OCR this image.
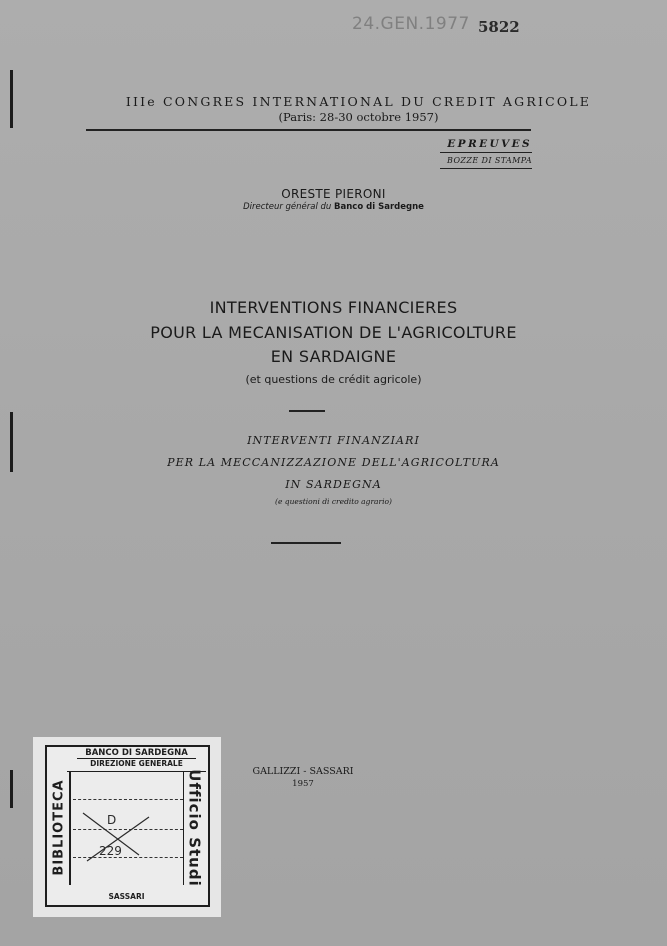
24.GEN.1977 5822
IIIe CONGRES INTERNATIONAL DU CREDIT AGRICOLE
(Paris: 28-30 octobre 1957)
EPREUVES
BOZZE DI STAMPA
ORESTE PIERONI
Directeur général du Banco di Sardegne
INTERVENTIONS FINANCIERES
POUR LA MECANISATION DE L'AGRICOLTURE
EN SARDAIGNE
(et questions de crédit agricole)
INTERVENTI FINANZIARI
PER LA MECCANIZZAZIONE DELL'AGRICOLTURA
IN SARDEGNA
(e questioni di credito agrario)
GALLIZZI - SASSARI
1957
BANCO DI SARDEGNA
DIREZIONE GENERALE
BIBLIOTECA	Ufficio Studi
D
229
SASSARI
